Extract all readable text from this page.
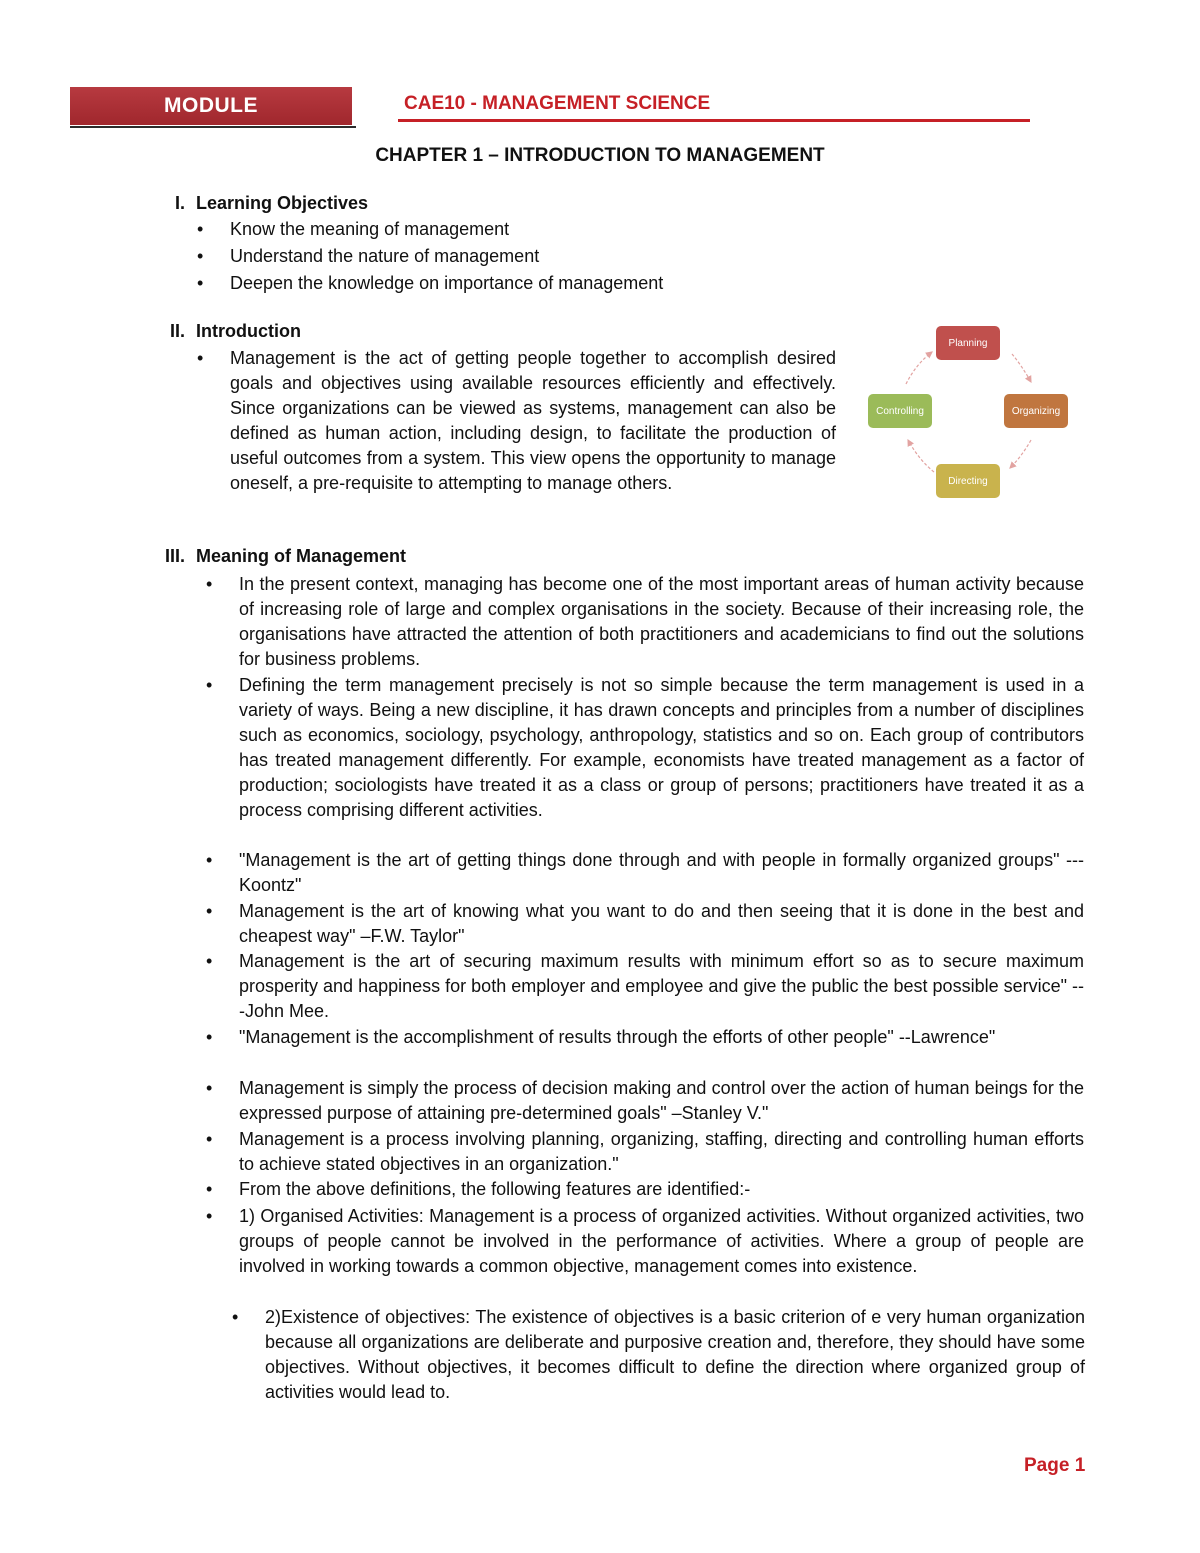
MODULE	CAE10 - MANAGEMENT SCIENCE
CHAPTER 1 – INTRODUCTION TO MANAGEMENT
I. Learning Objectives
• Know the meaning of management

• Understand the nature of management

• Deepen the knowledge on importance of management

II. Introduction
• Management is the act of getting people together to accomplish desired goals and objectives using available resources efficiently and effectively. Since organizations can be viewed as systems, management can also be defined as human action, including design, to facilitate the production of useful outcomes from a system. This view opens the opportunity to manage oneself, a pre-requisite to attempting to manage others.

Planning
Organizing
Directing
Controlling
III. Meaning of Management
• In the present context, managing has become one of the most important areas of human activity because of increasing role of large and complex organisations in the society. Because of their increasing role, the organisations have attracted the attention of both practitioners and academicians to find out the solutions for business problems.

• Defining the term management precisely is not so simple because the term management is used in a variety of ways. Being a new discipline, it has drawn concepts and principles from a number of disciplines such as economics, sociology, psychology, anthropology, statistics and so on. Each group of contributors has treated management differently. For example, economists have treated management as a factor of production; sociologists have treated it as a class or group of persons; practitioners have treated it as a process comprising different activities.

• "Management is the art of getting things done through and with people in formally organized groups" ---Koontz"

• Management is the art of knowing what you want to do and then seeing that it is done in the best and cheapest way" –F.W. Taylor"

• Management is the art of securing maximum results with minimum effort so as to secure maximum prosperity and happiness for both employer and employee and give the public the best possible service" ---John Mee.

• "Management is the accomplishment of results through the efforts of other people" --Lawrence"

• Management is simply the process of decision making and control over the action of human beings for the expressed purpose of attaining pre-determined goals" –Stanley V."

• Management is a process involving planning, organizing, staffing, directing and controlling human efforts to achieve stated objectives in an organization."

• From the above definitions, the following features are identified:-

• 1) Organised Activities: Management is a process of organized activities. Without organized activities, two groups of people cannot be involved in the performance of activities. Where a group of people are involved in working towards a common objective, management comes into existence.

• 2)Existence of objectives: The existence of objectives is a basic criterion of e very human organization because all organizations are deliberate and purposive creation and, therefore, they should have some objectives. Without objectives, it becomes difficult to define the direction where organized group of activities would lead to.

Page 1
